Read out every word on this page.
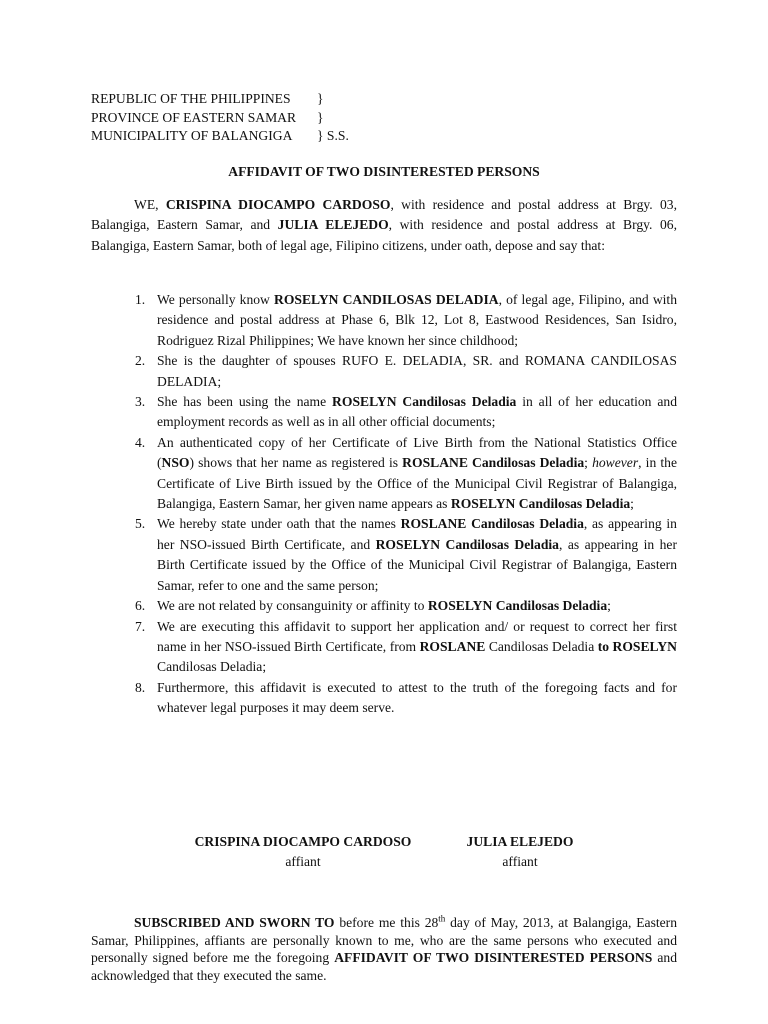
REPUBLIC OF THE PHILIPPINES	}
PROVINCE OF EASTERN SAMAR	}
MUNICIPALITY OF BALANGIGA	} S.S.
AFFIDAVIT OF TWO DISINTERESTED PERSONS

WE, CRISPINA DIOCAMPO CARDOSO, with residence and postal address at Brgy. 03, Balangiga, Eastern Samar, and JULIA ELEJEDO, with residence and postal address at Brgy. 06, Balangiga, Eastern Samar, both of legal age, Filipino citizens, under oath, depose and say that:

1. We personally know ROSELYN CANDILOSAS DELADIA, of legal age, Filipino, and with residence and postal address at Phase 6, Blk 12, Lot 8, Eastwood Residences, San Isidro, Rodriguez Rizal Philippines; We have known her since childhood;
2. She is the daughter of spouses RUFO E. DELADIA, SR. and ROMANA CANDILOSAS DELADIA;
3. She has been using the name ROSELYN Candilosas Deladia in all of her education and employment records as well as in all other official documents;
4. An authenticated copy of her Certificate of Live Birth from the National Statistics Office (NSO) shows that her name as registered is ROSLANE Candilosas Deladia; however, in the Certificate of Live Birth issued by the Office of the Municipal Civil Registrar of Balangiga, Balangiga, Eastern Samar, her given name appears as ROSELYN Candilosas Deladia;
5. We hereby state under oath that the names ROSLANE Candilosas Deladia, as appearing in her NSO-issued Birth Certificate, and ROSELYN Candilosas Deladia, as appearing in her Birth Certificate issued by the Office of the Municipal Civil Registrar of Balangiga, Eastern Samar, refer to one and the same person;
6. We are not related by consanguinity or affinity to ROSELYN Candilosas Deladia;
7. We are executing this affidavit to support her application and/ or request to correct her first name in her NSO-issued Birth Certificate, from ROSLANE Candilosas Deladia to ROSELYN Candilosas Deladia;
8. Furthermore, this affidavit is executed to attest to the truth of the foregoing facts and for whatever legal purposes it may deem serve.
CRISPINA DIOCAMPO CARDOSO
affiant
JULIA ELEJEDO
affiant

SUBSCRIBED AND SWORN TO before me this 28th day of May, 2013, at Balangiga, Eastern Samar, Philippines, affiants are personally known to me, who are the same persons who executed and personally signed before me the foregoing AFFIDAVIT OF TWO DISINTERESTED PERSONS and acknowledged that they executed the same.
